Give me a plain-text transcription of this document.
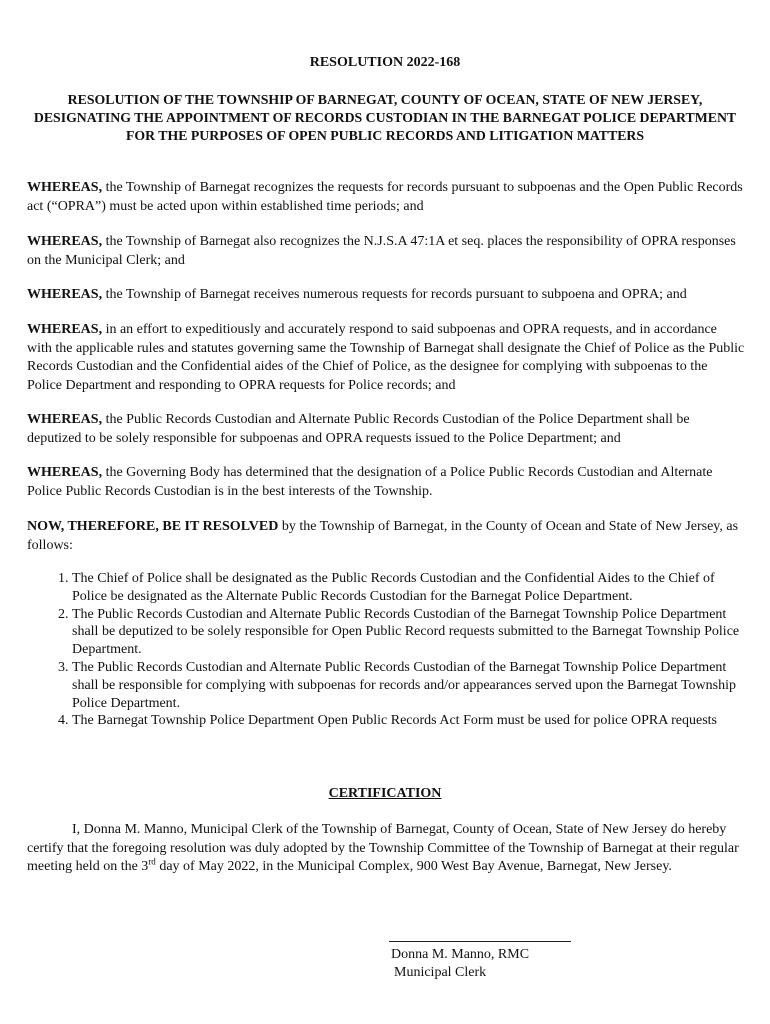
RESOLUTION 2022-168
RESOLUTION OF THE TOWNSHIP OF BARNEGAT, COUNTY OF OCEAN, STATE OF NEW JERSEY, DESIGNATING THE APPOINTMENT OF RECORDS CUSTODIAN IN THE BARNEGAT POLICE DEPARTMENT FOR THE PURPOSES OF OPEN PUBLIC RECORDS AND LITIGATION MATTERS

WHEREAS, the Township of Barnegat recognizes the requests for records pursuant to subpoenas and the Open Public Records act (“OPRA”) must be acted upon within established time periods; and

WHEREAS, the Township of Barnegat also recognizes the N.J.S.A 47:1A et seq. places the responsibility of OPRA responses on the Municipal Clerk; and

WHEREAS, the Township of Barnegat receives numerous requests for records pursuant to subpoena and OPRA; and

WHEREAS, in an effort to expeditiously and accurately respond to said subpoenas and OPRA requests, and in accordance with the applicable rules and statutes governing same the Township of Barnegat shall designate the Chief of Police as the Public Records Custodian and the Confidential aides of the Chief of Police, as the designee for complying with subpoenas to the Police Department and responding to OPRA requests for Police records; and

WHEREAS, the Public Records Custodian and Alternate Public Records Custodian of the Police Department shall be deputized to be solely responsible for subpoenas and OPRA requests issued to the Police Department; and

WHEREAS, the Governing Body has determined that the designation of a Police Public Records Custodian and Alternate Police Public Records Custodian is in the best interests of the Township.

NOW, THEREFORE, BE IT RESOLVED by the Township of Barnegat, in the County of Ocean and State of New Jersey, as follows:

1. The Chief of Police shall be designated as the Public Records Custodian and the Confidential Aides to the Chief of Police be designated as the Alternate Public Records Custodian for the Barnegat Police Department.
2. The Public Records Custodian and Alternate Public Records Custodian of the Barnegat Township Police Department shall be deputized to be solely responsible for Open Public Record requests submitted to the Barnegat Township Police Department.
3. The Public Records Custodian and Alternate Public Records Custodian of the Barnegat Township Police Department shall be responsible for complying with subpoenas for records and/or appearances served upon the Barnegat Township Police Department.
4. The Barnegat Township Police Department Open Public Records Act Form must be used for police OPRA requests
CERTIFICATION

I, Donna M. Manno, Municipal Clerk of the Township of Barnegat, County of Ocean, State of New Jersey do hereby certify that the foregoing resolution was duly adopted by the Township Committee of the Township of Barnegat at their regular meeting held on the 3rd day of May 2022, in the Municipal Complex, 900 West Bay Avenue, Barnegat, New Jersey.

Donna M. Manno, RMC
Municipal Clerk
